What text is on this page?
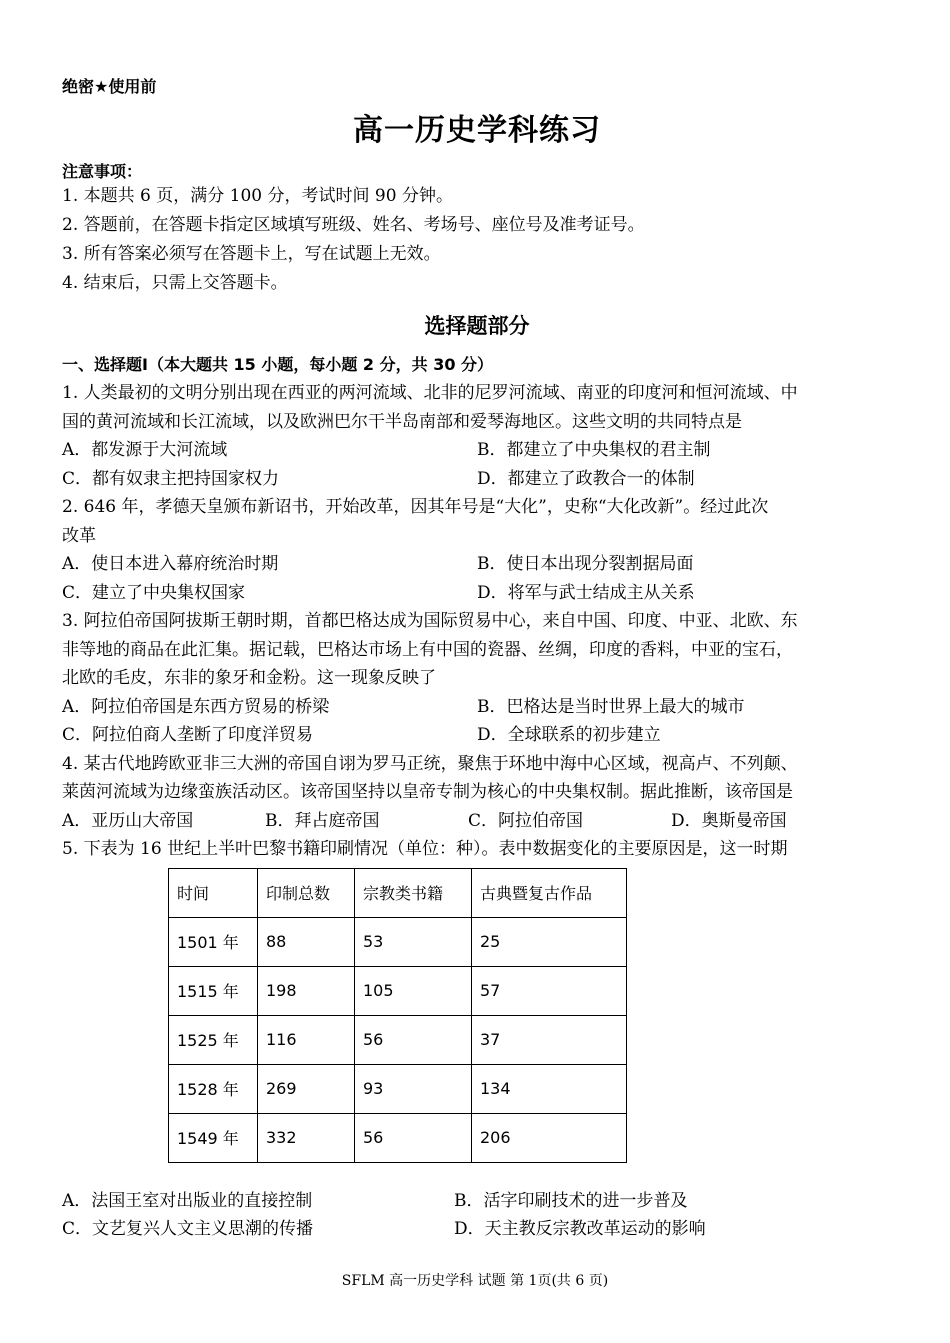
绝密★使用前
高一历史学科练习
注意事项：
1. 本题共 6 页，满分 100 分，考试时间 90 分钟。
2. 答题前，在答题卡指定区域填写班级、姓名、考场号、座位号及准考证号。
3. 所有答案必须写在答题卡上，写在试题上无效。
4. 结束后，只需上交答题卡。
选择题部分
一、选择题Ⅰ（本大题共 15 小题，每小题 2 分，共 30 分）
1. 人类最初的文明分别出现在西亚的两河流域、北非的尼罗河流域、南亚的印度河和恒河流域、中
国的黄河流域和长江流域，以及欧洲巴尔干半岛南部和爱琴海地区。这些文明的共同特点是
A．都发源于大河流域	B．都建立了中央集权的君主制
C．都有奴隶主把持国家权力	D．都建立了政教合一的体制
2. 646 年，孝德天皇颁布新诏书，开始改革，因其年号是“大化”，史称“大化改新”。经过此次
改革
A．使日本进入幕府统治时期	B．使日本出现分裂割据局面
C．建立了中央集权国家	D．将军与武士结成主从关系
3. 阿拉伯帝国阿拔斯王朝时期，首都巴格达成为国际贸易中心，来自中国、印度、中亚、北欧、东
非等地的商品在此汇集。据记载，巴格达市场上有中国的瓷器、丝绸，印度的香料，中亚的宝石，
北欧的毛皮，东非的象牙和金粉。这一现象反映了
A．阿拉伯帝国是东西方贸易的桥梁	B．巴格达是当时世界上最大的城市
C．阿拉伯商人垄断了印度洋贸易	D．全球联系的初步建立
4. 某古代地跨欧亚非三大洲的帝国自诩为罗马正统，聚焦于环地中海中心区域，视高卢、不列颠、
莱茵河流域为边缘蛮族活动区。该帝国坚持以皇帝专制为核心的中央集权制。据此推断，该帝国是
A．亚历山大帝国	B．拜占庭帝国	C．阿拉伯帝国	D．奥斯曼帝国
5. 下表为 16 世纪上半叶巴黎书籍印刷情况（单位：种）。表中数据变化的主要原因是，这一时期
时间	印制总数	宗教类书籍	古典暨复古作品
1501 年	88	53	25
1515 年	198	105	57
1525 年	116	56	37
1528 年	269	93	134
1549 年	332	56	206
A．法国王室对出版业的直接控制	B．活字印刷技术的进一步普及
C．文艺复兴人文主义思潮的传播	D．天主教反宗教改革运动的影响
SFLM 高一历史学科 试题 第 1页(共 6 页)
